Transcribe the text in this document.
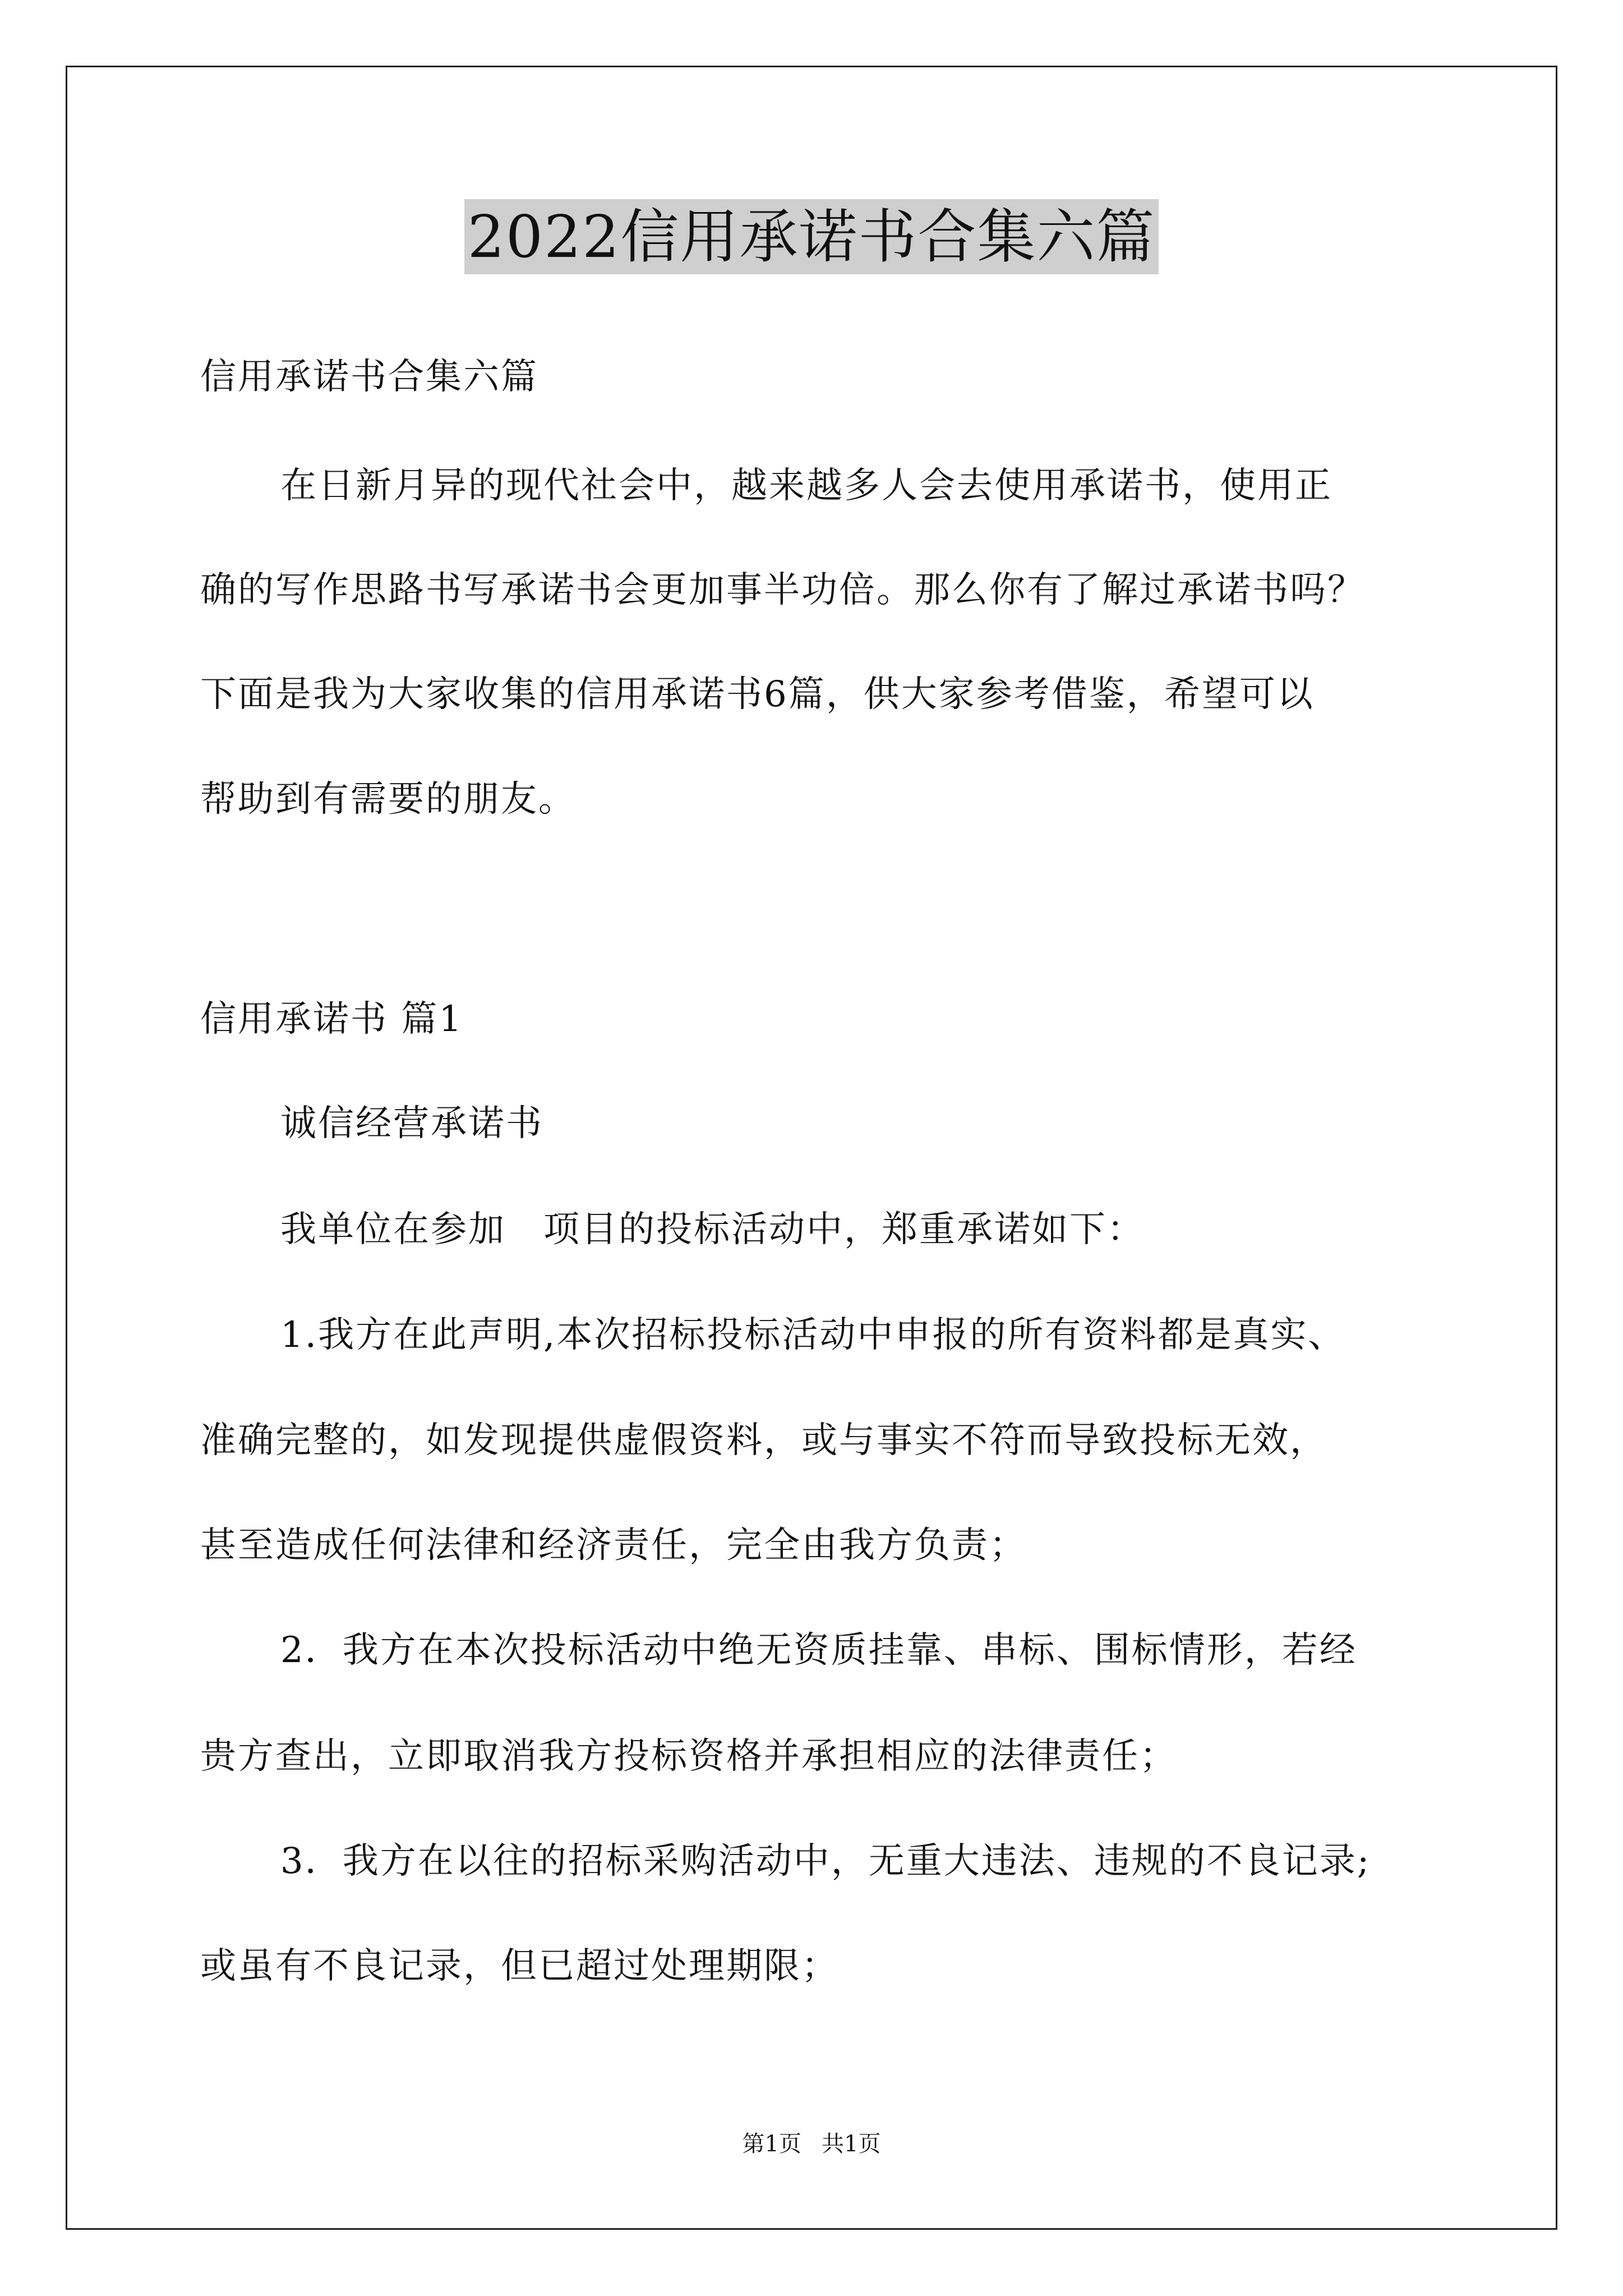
2022信用承诺书合集六篇
信用承诺书合集六篇
在日新月异的现代社会中，越来越多人会去使用承诺书，使用正
确的写作思路书写承诺书会更加事半功倍。那么你有了解过承诺书吗？
下面是我为大家收集的信用承诺书6篇，供大家参考借鉴，希望可以
帮助到有需要的朋友。
信用承诺书 篇1
诚信经营承诺书
我单位在参加　项目的投标活动中，郑重承诺如下：
1.我方在此声明,本次招标投标活动中申报的所有资料都是真实、
准确完整的，如发现提供虚假资料，或与事实不符而导致投标无效，
甚至造成任何法律和经济责任，完全由我方负责；
2．我方在本次投标活动中绝无资质挂靠、串标、围标情形，若经
贵方查出，立即取消我方投标资格并承担相应的法律责任；
3．我方在以往的招标采购活动中，无重大违法、违规的不良记录;
或虽有不良记录，但已超过处理期限；
第1页 共1页
